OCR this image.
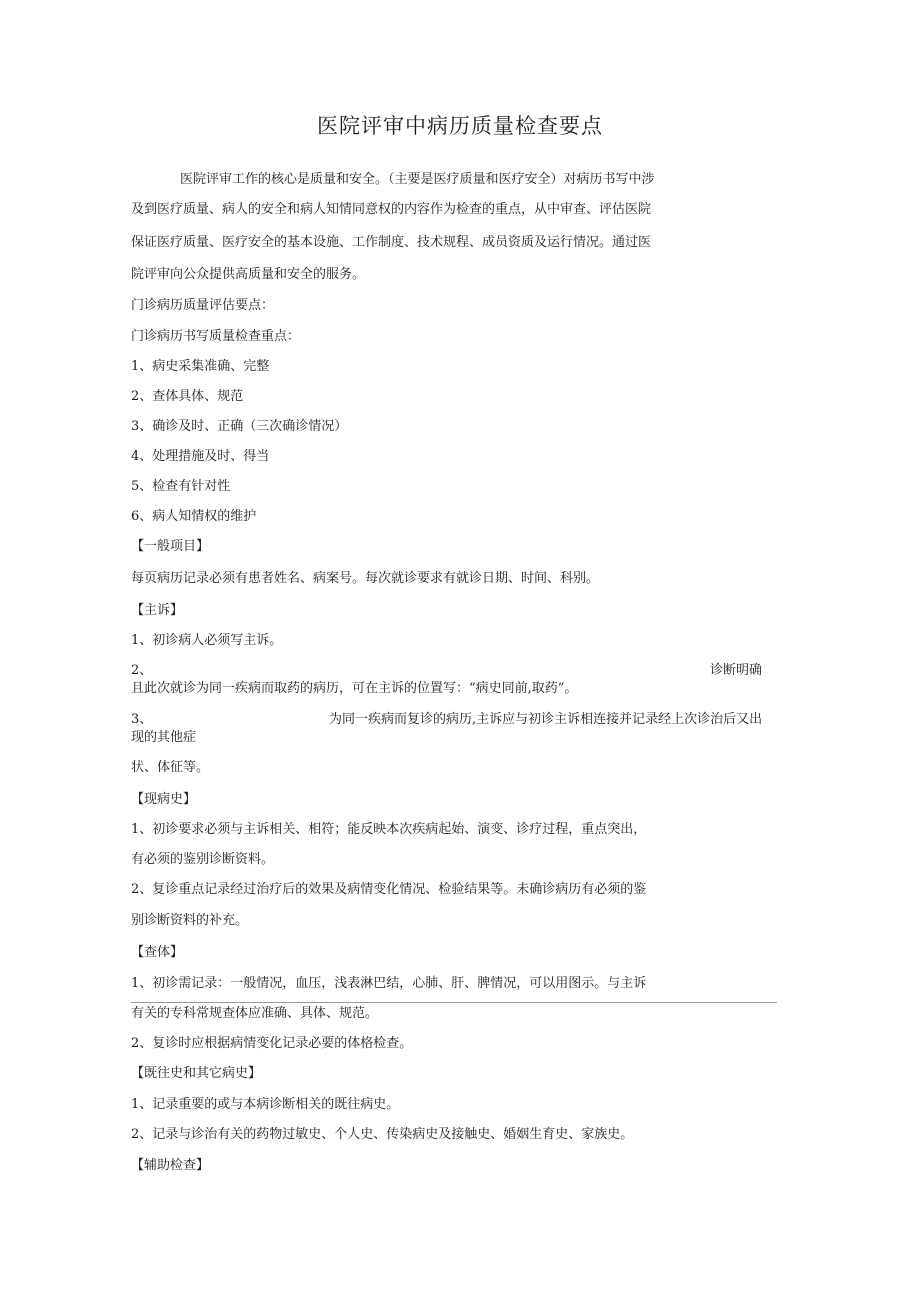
医院评审中病历质量检查要点
医院评审工作的核心是质量和安全。（主要是医疗质量和医疗安全）对病历书写中涉
及到医疗质量、病人的安全和病人知情同意权的内容作为检查的重点，从中审查、评估医院
保证医疗质量、医疗安全的基本设施、工作制度、技术规程、成员资质及运行情况。通过医
院评审向公众提供高质量和安全的服务。
门诊病历质量评估要点：
门诊病历书写质量检查重点：
1、病史采集准确、完整
2、查体具体、规范
3、确诊及时、正确（三次确诊情况）
4、处理措施及时、得当
5、检查有针对性
6、病人知情权的维护
【一般项目】
每页病历记录必须有患者姓名、病案号。每次就诊要求有就诊日期、时间、科别。
【主诉】
1、初诊病人必须写主诉。
2、	诊断明确
且此次就诊为同一疾病而取药的病历，可在主诉的位置写：“病史同前,取药”。
3、	为同一疾病而复诊的病历,主诉应与初诊主诉相连接并记录经上次诊治后又出
现的其他症
状、体征等。
【现病史】
1、初诊要求必须与主诉相关、相符；能反映本次疾病起始、演变、诊疗过程，重点突出，
有必须的鉴别诊断资料。
2、复诊重点记录经过治疗后的效果及病情变化情况、检验结果等。未确诊病历有必须的鉴
别诊断资料的补充。
【查体】
1、初诊需记录：一般情况，血压，浅表淋巴结，心肺、肝、脾情况，可以用图示。与主诉
有关的专科常规查体应准确、具体、规范。
2、复诊时应根据病情变化记录必要的体格检查。
【既往史和其它病史】
1、记录重要的或与本病诊断相关的既往病史。
2、记录与诊治有关的药物过敏史、个人史、传染病史及接触史、婚姻生育史、家族史。
【辅助检查】
